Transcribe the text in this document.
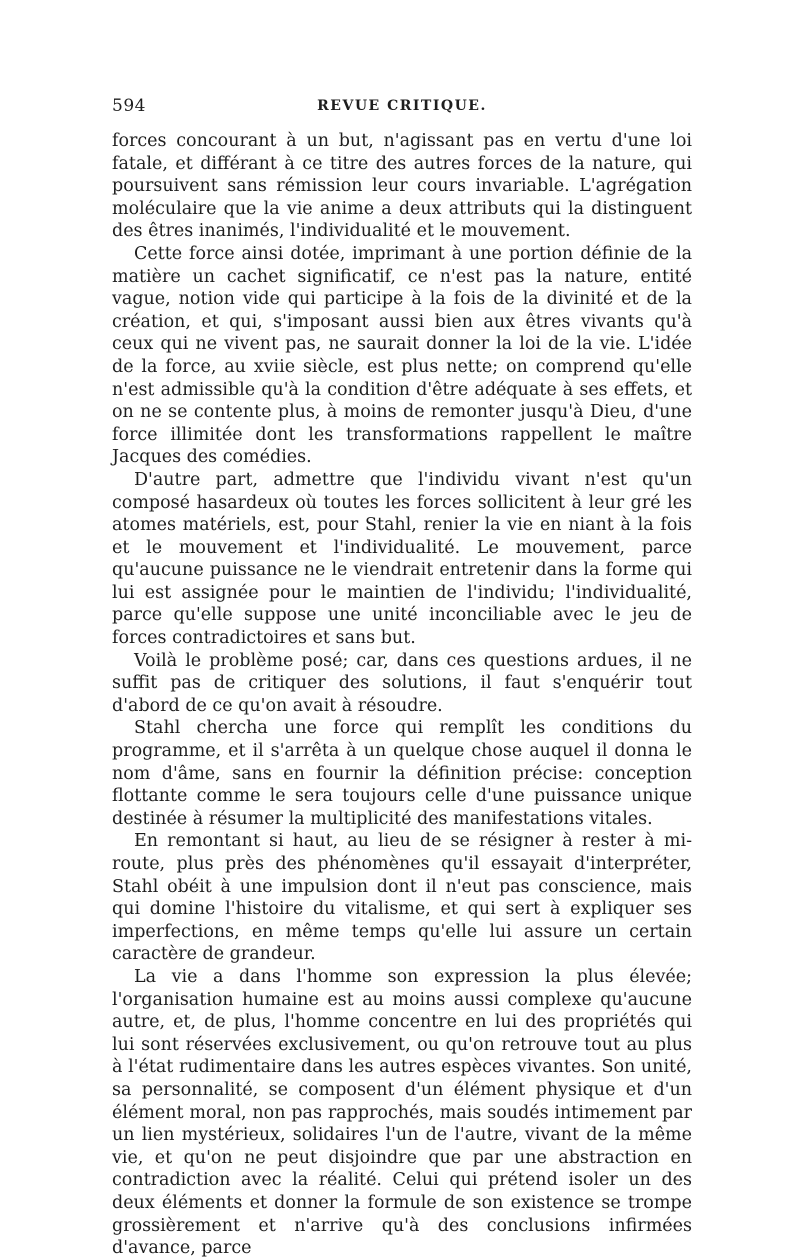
594	REVUE CRITIQUE.

forces concourant à un but, n'agissant pas en vertu d'une loi fatale, et différant à ce titre des autres forces de la nature, qui poursuivent sans rémission leur cours invariable. L'agrégation moléculaire que la vie anime a deux attributs qui la distinguent des êtres inanimés, l'individualité et le mouvement.

Cette force ainsi dotée, imprimant à une portion définie de la matière un cachet significatif, ce n'est pas la nature, entité vague, notion vide qui participe à la fois de la divinité et de la création, et qui, s'imposant aussi bien aux êtres vivants qu'à ceux qui ne vivent pas, ne saurait donner la loi de la vie. L'idée de la force, au xviie siècle, est plus nette; on comprend qu'elle n'est admissible qu'à la condition d'être adéquate à ses effets, et on ne se contente plus, à moins de remonter jusqu'à Dieu, d'une force illimitée dont les transformations rappellent le maître Jacques des comédies.

D'autre part, admettre que l'individu vivant n'est qu'un composé hasardeux où toutes les forces sollicitent à leur gré les atomes matériels, est, pour Stahl, renier la vie en niant à la fois et le mouvement et l'individualité. Le mouvement, parce qu'aucune puissance ne le viendrait entretenir dans la forme qui lui est assignée pour le maintien de l'individu; l'individualité, parce qu'elle suppose une unité inconciliable avec le jeu de forces contradictoires et sans but.

Voilà le problème posé; car, dans ces questions ardues, il ne suffit pas de critiquer des solutions, il faut s'enquérir tout d'abord de ce qu'on avait à résoudre.

Stahl chercha une force qui remplît les conditions du programme, et il s'arrêta à un quelque chose auquel il donna le nom d'âme, sans en fournir la définition précise: conception flottante comme le sera toujours celle d'une puissance unique destinée à résumer la multiplicité des manifestations vitales.

En remontant si haut, au lieu de se résigner à rester à mi-route, plus près des phénomènes qu'il essayait d'interpréter, Stahl obéit à une impulsion dont il n'eut pas conscience, mais qui domine l'histoire du vitalisme, et qui sert à expliquer ses imperfections, en même temps qu'elle lui assure un certain caractère de grandeur.

La vie a dans l'homme son expression la plus élevée; l'organisation humaine est au moins aussi complexe qu'aucune autre, et, de plus, l'homme concentre en lui des propriétés qui lui sont réservées exclusivement, ou qu'on retrouve tout au plus à l'état rudimentaire dans les autres espèces vivantes. Son unité, sa personnalité, se composent d'un élément physique et d'un élément moral, non pas rapprochés, mais soudés intimement par un lien mystérieux, solidaires l'un de l'autre, vivant de la même vie, et qu'on ne peut disjoindre que par une abstraction en contradiction avec la réalité. Celui qui prétend isoler un des deux éléments et donner la formule de son existence se trompe grossièrement et n'arrive qu'à des conclusions infirmées d'avance, parce
